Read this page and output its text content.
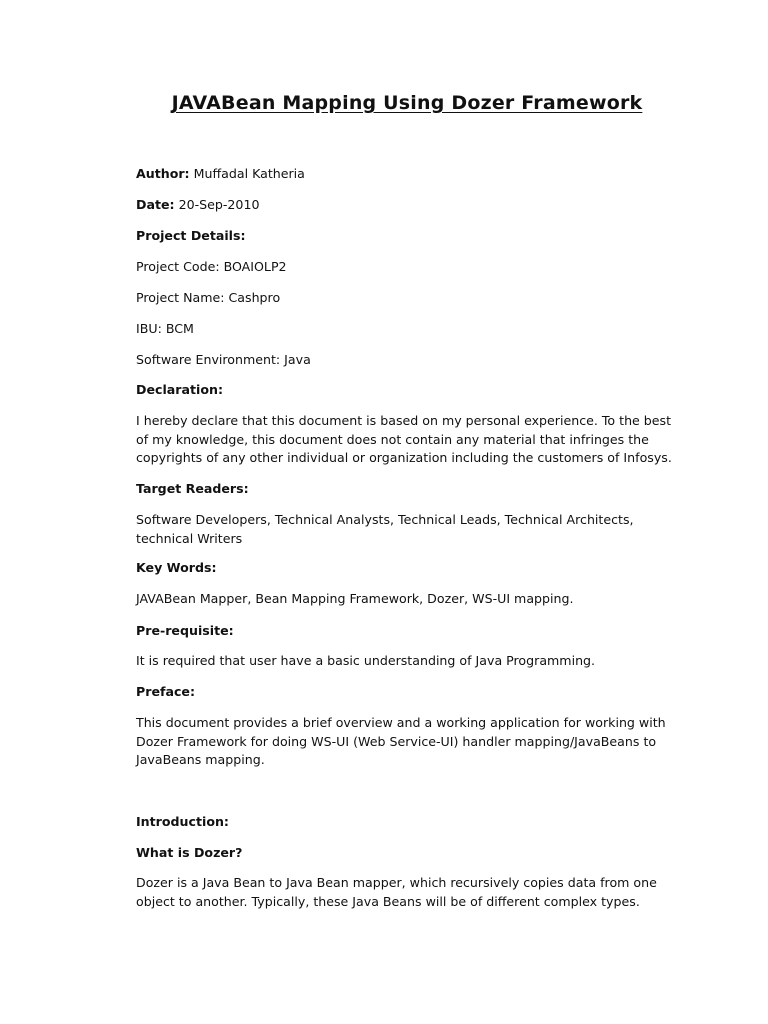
JAVABean Mapping Using Dozer Framework
Author: Muffadal Katheria
Date: 20-Sep-2010
Project Details:
Project Code: BOAIOLP2
Project Name: Cashpro
IBU: BCM
Software Environment: Java
Declaration:
I hereby declare that this document is based on my personal experience. To the best
of my knowledge, this document does not contain any material that infringes the
copyrights of any other individual or organization including the customers of Infosys.
Target Readers:
Software Developers, Technical Analysts, Technical Leads, Technical Architects,
technical Writers
Key Words:
JAVABean Mapper, Bean Mapping Framework, Dozer, WS-UI mapping.
Pre-requisite:
It is required that user have a basic understanding of Java Programming.
Preface:
This document provides a brief overview and a working application for working with
Dozer Framework for doing WS-UI (Web Service-UI) handler mapping/JavaBeans to
JavaBeans mapping.
Introduction:
What is Dozer?
Dozer is a Java Bean to Java Bean mapper, which recursively copies data from one
object to another. Typically, these Java Beans will be of different complex types.
